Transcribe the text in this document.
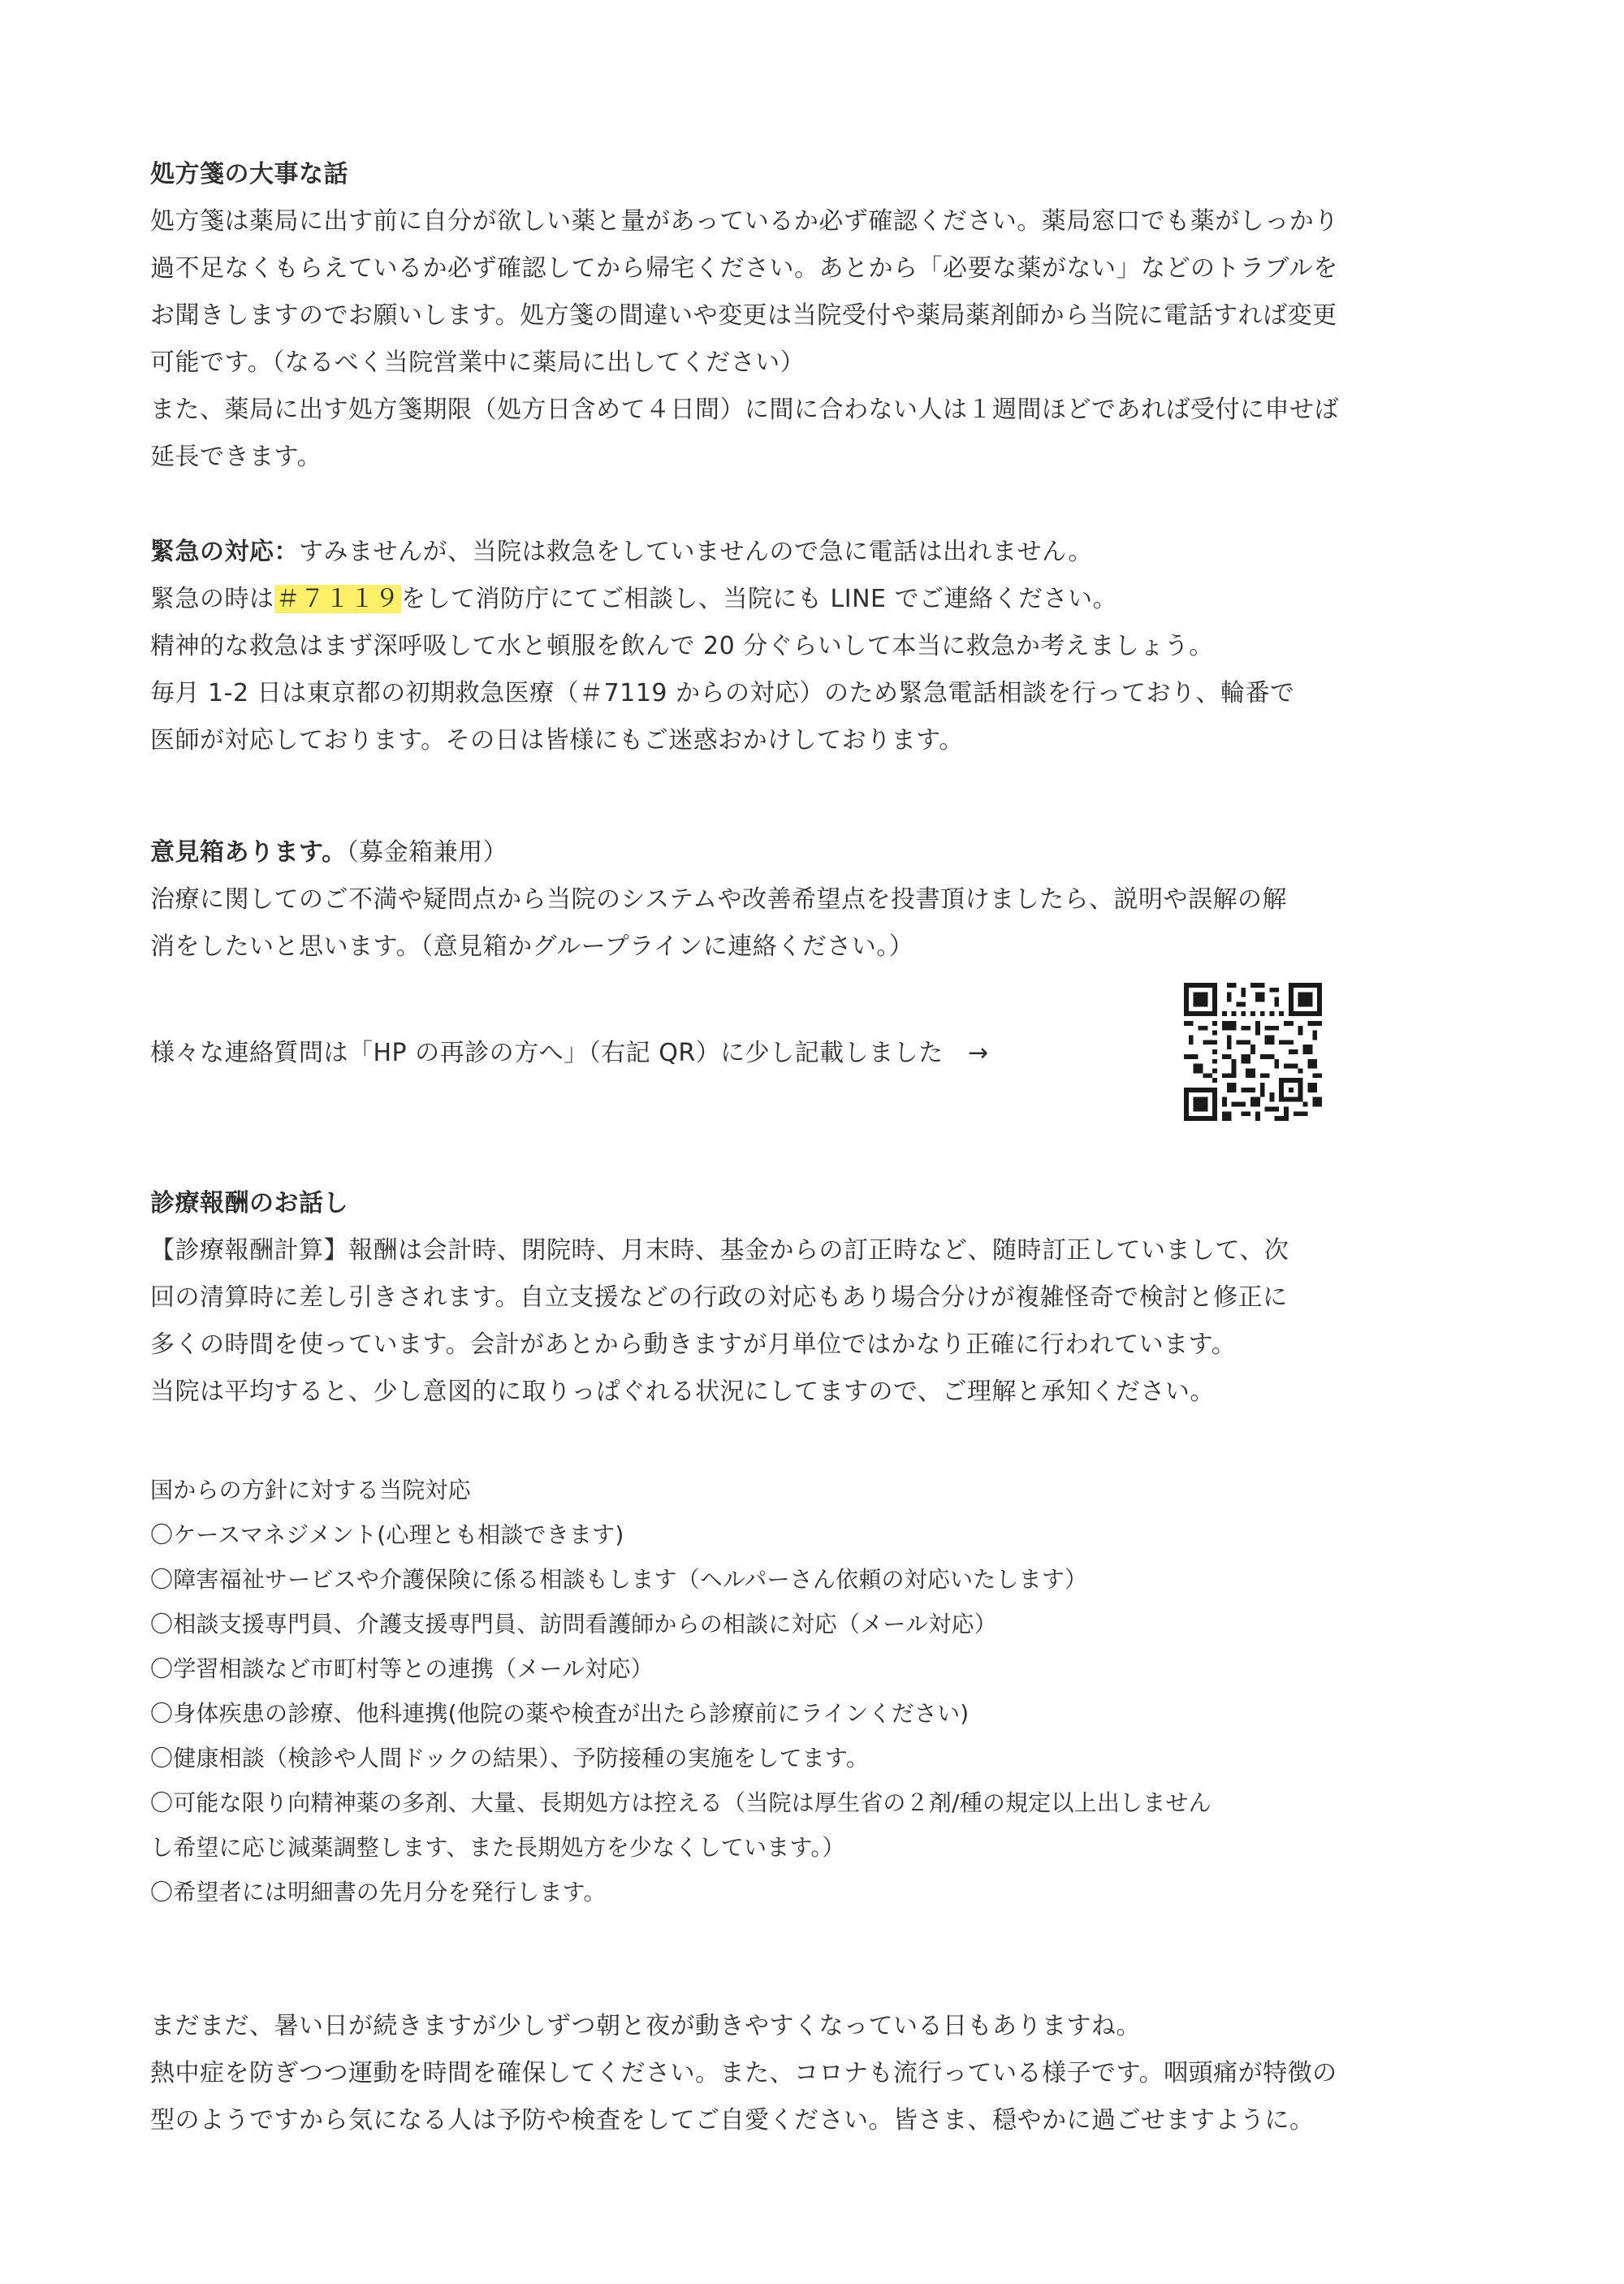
処方箋の大事な話

処方箋は薬局に出す前に自分が欲しい薬と量があっているか必ず確認ください。薬局窓口でも薬がしっかり

過不足なくもらえているか必ず確認してから帰宅ください。あとから「必要な薬がない」などのトラブルを

お聞きしますのでお願いします。処方箋の間違いや変更は当院受付や薬局薬剤師から当院に電話すれば変更

可能です。（なるべく当院営業中に薬局に出してください）

また、薬局に出す処方箋期限（処方日含めて４日間）に間に合わない人は１週間ほどであれば受付に申せば

延長できます。

緊急の対応：すみませんが、当院は救急をしていませんので急に電話は出れません。

緊急の時は＃７１１９をして消防庁にてご相談し、当院にも LINE でご連絡ください。

精神的な救急はまず深呼吸して水と頓服を飲んで 20 分ぐらいして本当に救急か考えましょう。

毎月 1-2 日は東京都の初期救急医療（＃7119 からの対応）のため緊急電話相談を行っており、輪番で

医師が対応しております。その日は皆様にもご迷惑おかけしております。

意見箱あります。（募金箱兼用）

治療に関してのご不満や疑問点から当院のシステムや改善希望点を投書頂けましたら、説明や誤解の解

消をしたいと思います。（意見箱かグループラインに連絡ください。）

様々な連絡質問は「HP の再診の方へ」（右記 QR）に少し記載しました　→

診療報酬のお話し

【診療報酬計算】報酬は会計時、閉院時、月末時、基金からの訂正時など、随時訂正していまして、次

回の清算時に差し引きされます。自立支援などの行政の対応もあり場合分けが複雑怪奇で検討と修正に

多くの時間を使っています。会計があとから動きますが月単位ではかなり正確に行われています。

当院は平均すると、少し意図的に取りっぱぐれる状況にしてますので、ご理解と承知ください。

国からの方針に対する当院対応

〇ケースマネジメント(心理とも相談できます)

〇障害福祉サービスや介護保険に係る相談もします（ヘルパーさん依頼の対応いたします）

〇相談支援専門員、介護支援専門員、訪問看護師からの相談に対応（メール対応）

〇学習相談など市町村等との連携（メール対応）

〇身体疾患の診療、他科連携(他院の薬や検査が出たら診療前にラインください)

〇健康相談（検診や人間ドックの結果）、予防接種の実施をしてます。

〇可能な限り向精神薬の多剤、大量、長期処方は控える（当院は厚生省の２剤/種の規定以上出しません

し希望に応じ減薬調整します、また長期処方を少なくしています。）

〇希望者には明細書の先月分を発行します。

まだまだ、暑い日が続きますが少しずつ朝と夜が動きやすくなっている日もありますね。

熱中症を防ぎつつ運動を時間を確保してください。また、コロナも流行っている様子です。咽頭痛が特徴の

型のようですから気になる人は予防や検査をしてご自愛ください。皆さま、穏やかに過ごせますように。
